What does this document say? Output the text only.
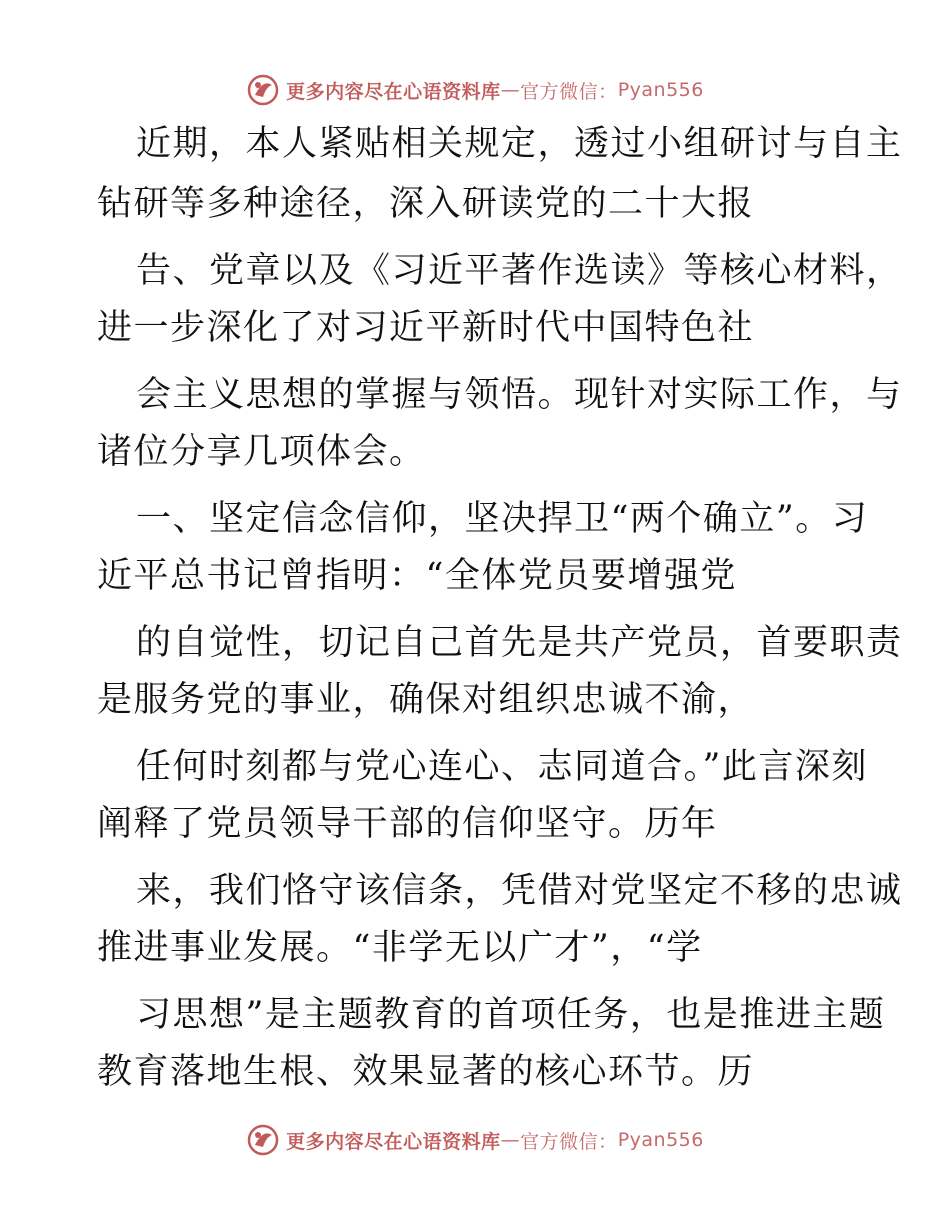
更多内容尽在心语资料库 — 官方微信： Pyan556
近期，本人紧贴相关规定，透过小组研讨与自主
钻研等多种途径，深入研读党的二十大报
告、党章以及《习近平著作选读》等核心材料，
进一步深化了对习近平新时代中国特色社
会主义思想的掌握与领悟。现针对实际工作，与
诸位分享几项体会。
一、坚定信念信仰，坚决捍卫“两个确立”。习
近平总书记曾指明：“全体党员要增强党
的自觉性，切记自己首先是共产党员，首要职责
是服务党的事业，确保对组织忠诚不渝，
任何时刻都与党心连心、志同道合。”此言深刻
阐释了党员领导干部的信仰坚守。历年
来，我们恪守该信条，凭借对党坚定不移的忠诚
推进事业发展。“非学无以广才”，“学
习思想”是主题教育的首项任务，也是推进主题
教育落地生根、效果显著的核心环节。历
更多内容尽在心语资料库 — 官方微信： Pyan556
